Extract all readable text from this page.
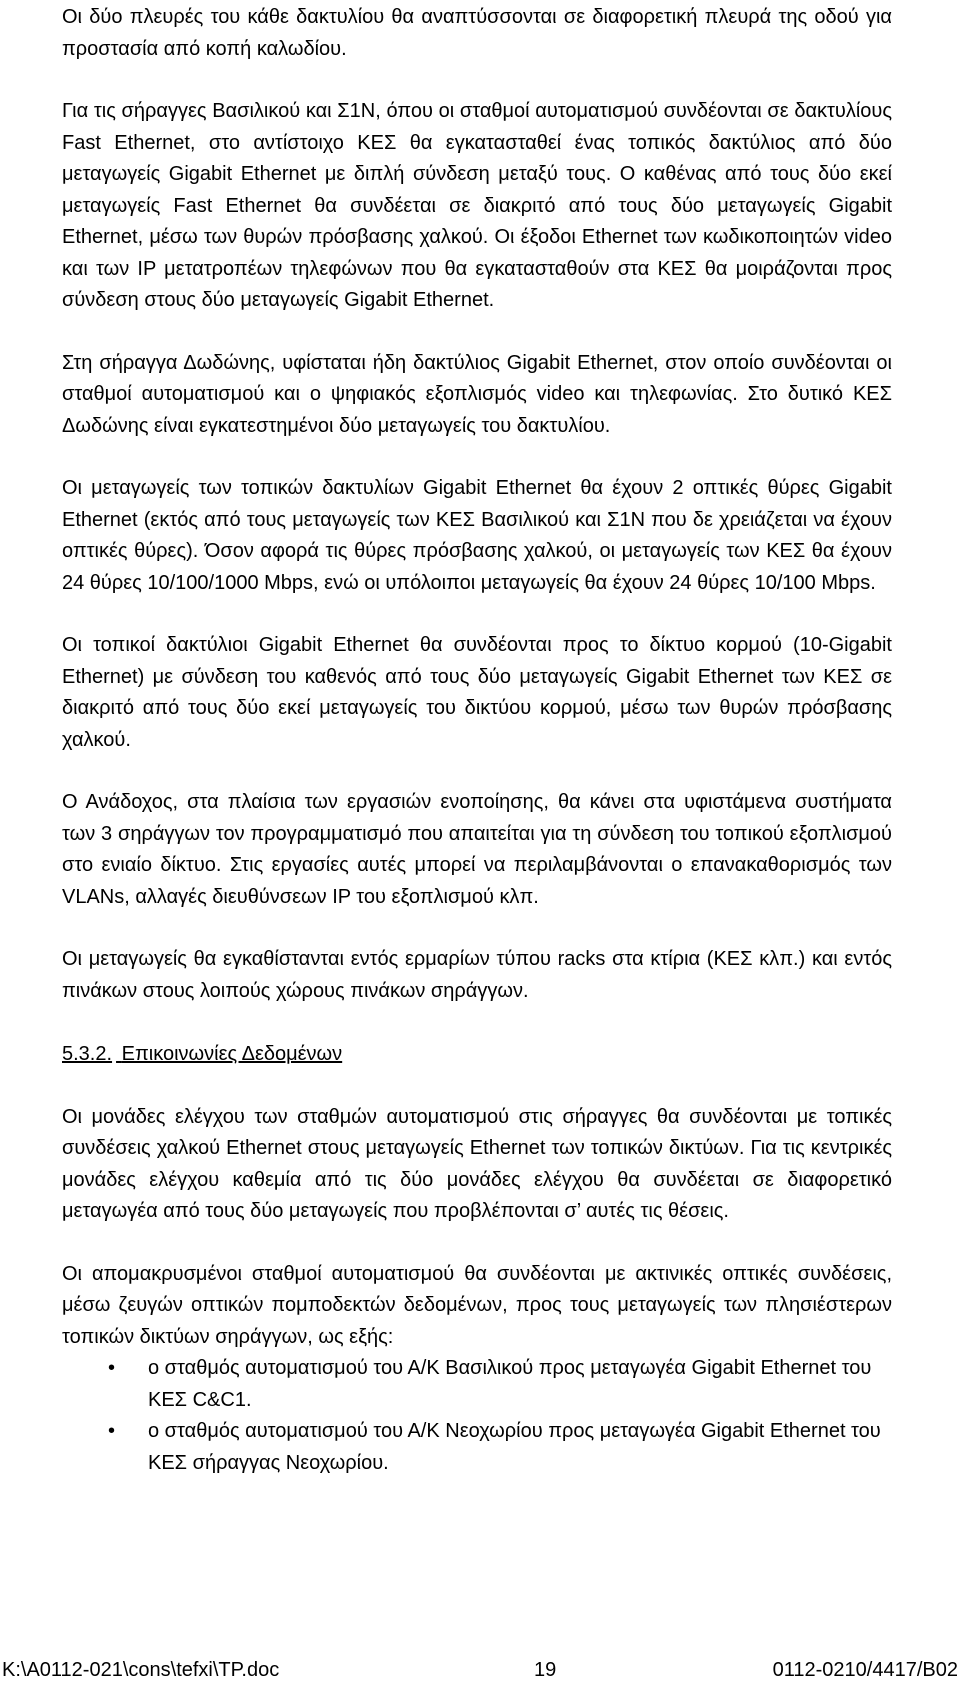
Οι δύο πλευρές του κάθε δακτυλίου θα αναπτύσσονται σε διαφορετική πλευρά της οδού για προστασία από κοπή καλωδίου.

Για τις σήραγγες Βασιλικού και Σ1Ν, όπου οι σταθμοί αυτοματισμού συνδέονται σε δακτυλίους Fast Ethernet, στο αντίστοιχο ΚΕΣ θα εγκατασταθεί ένας τοπικός δακτύλιος από δύο μεταγωγείς Gigabit Ethernet με διπλή σύνδεση μεταξύ τους. Ο καθένας από τους δύο εκεί μεταγωγείς Fast Ethernet θα συνδέεται σε διακριτό από τους δύο μεταγωγείς Gigabit Ethernet, μέσω των θυρών πρόσβασης χαλκού. Οι έξοδοι Ethernet των κωδικοποιητών video και των IP μετατροπέων τηλεφώνων που θα εγκατασταθούν στα ΚΕΣ θα μοιράζονται προς σύνδεση στους δύο μεταγωγείς Gigabit Ethernet.

Στη σήραγγα Δωδώνης, υφίσταται ήδη δακτύλιος Gigabit Ethernet, στον οποίο συνδέονται οι σταθμοί αυτοματισμού και ο ψηφιακός εξοπλισμός video και τηλεφωνίας. Στο δυτικό ΚΕΣ Δωδώνης είναι εγκατεστημένοι δύο μεταγωγείς του δακτυλίου.

Οι μεταγωγείς των τοπικών δακτυλίων Gigabit Ethernet θα έχουν 2 οπτικές θύρες Gigabit Ethernet (εκτός από τους μεταγωγείς των ΚΕΣ Βασιλικού και Σ1Ν που δε χρειάζεται να έχουν οπτικές θύρες). Όσον αφορά τις θύρες πρόσβασης χαλκού, οι μεταγωγείς των ΚΕΣ θα έχουν 24 θύρες 10/100/1000 Mbps, ενώ οι υπόλοιποι μεταγωγείς θα έχουν 24 θύρες 10/100 Mbps.

Οι τοπικοί δακτύλιοι Gigabit Ethernet θα συνδέονται προς το δίκτυο κορμού (10-Gigabit Ethernet) με σύνδεση του καθενός από τους δύο μεταγωγείς Gigabit Ethernet των ΚΕΣ σε διακριτό από τους δύο εκεί μεταγωγείς του δικτύου κορμού, μέσω των θυρών πρόσβασης χαλκού.

Ο Ανάδοχος, στα πλαίσια των εργασιών ενοποίησης, θα κάνει στα υφιστάμενα συστήματα των 3 σηράγγων τον προγραμματισμό που απαιτείται για τη σύνδεση του τοπικού εξοπλισμού στο ενιαίο δίκτυο. Στις εργασίες αυτές μπορεί να περιλαμβάνονται ο επανακαθορισμός των VLANs, αλλαγές διευθύνσεων IP του εξοπλισμού κλπ.

Οι μεταγωγείς θα εγκαθίστανται εντός ερμαρίων τύπου racks στα κτίρια (ΚΕΣ κλπ.) και εντός πινάκων στους λοιπούς χώρους πινάκων σηράγγων.

5.3.2. Επικοινωνίες Δεδομένων

Οι μονάδες ελέγχου των σταθμών αυτοματισμού στις σήραγγες θα συνδέονται με τοπικές συνδέσεις χαλκού Ethernet στους μεταγωγείς Ethernet των τοπικών δικτύων. Για τις κεντρικές μονάδες ελέγχου καθεμία από τις δύο μονάδες ελέγχου θα συνδέεται σε διαφορετικό μεταγωγέα από τους δύο μεταγωγείς που προβλέπονται σ’ αυτές τις θέσεις.

Οι απομακρυσμένοι σταθμοί αυτοματισμού θα συνδέονται με ακτινικές οπτικές συνδέσεις, μέσω ζευγών οπτικών πομποδεκτών δεδομένων, προς τους μεταγωγείς των πλησιέστερων τοπικών δικτύων σηράγγων, ως εξής:

• ο σταθμός αυτοματισμού του Α/Κ Βασιλικού προς μεταγωγέα Gigabit Ethernet του ΚΕΣ C&C1.
• ο σταθμός αυτοματισμού του Α/Κ Νεοχωρίου προς μεταγωγέα Gigabit Ethernet του ΚΕΣ σήραγγας Νεοχωρίου.
K:\A0112-021\cons\tefxi\TP.doc	19	0112-0210/4417/B02
